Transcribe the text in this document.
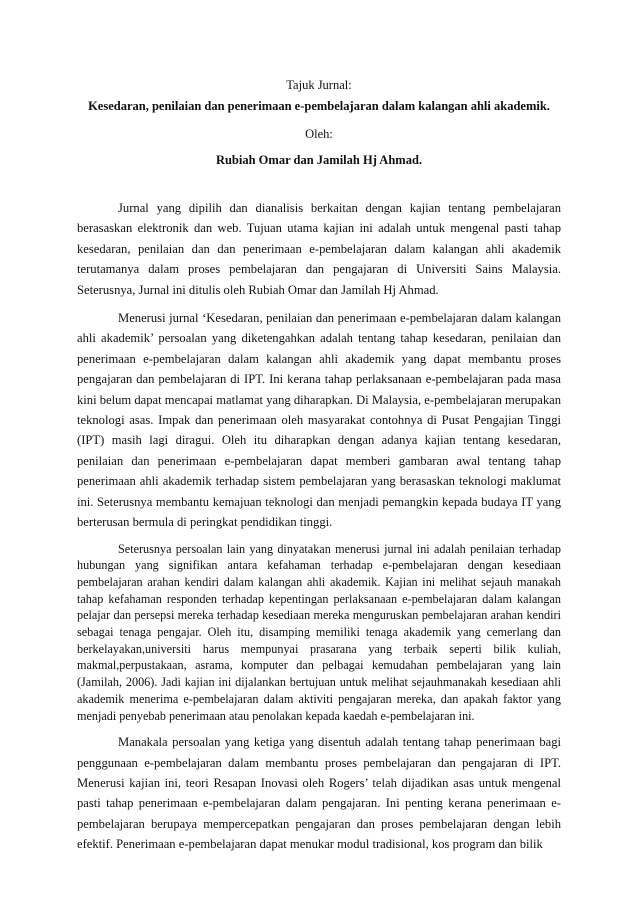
Tajuk Jurnal:
Kesedaran, penilaian dan penerimaan e-pembelajaran dalam kalangan ahli akademik.
Oleh:
Rubiah Omar dan Jamilah Hj Ahmad.

Jurnal yang dipilih dan dianalisis berkaitan dengan kajian tentang pembelajaran berasaskan elektronik dan web. Tujuan utama kajian ini adalah untuk mengenal pasti tahap kesedaran, penilaian dan dan penerimaan e-pembelajaran dalam kalangan ahli akademik terutamanya dalam proses pembelajaran dan pengajaran di Universiti Sains Malaysia. Seterusnya, Jurnal ini ditulis oleh Rubiah Omar dan Jamilah Hj Ahmad.

Menerusi jurnal ‘Kesedaran, penilaian dan penerimaan e-pembelajaran dalam kalangan ahli akademik’ persoalan yang diketengahkan adalah tentang tahap kesedaran, penilaian dan penerimaan e-pembelajaran dalam kalangan ahli akademik yang dapat membantu proses pengajaran dan pembelajaran di IPT. Ini kerana tahap perlaksanaan e-pembelajaran pada masa kini belum dapat mencapai matlamat yang diharapkan. Di Malaysia, e-pembelajaran merupakan teknologi asas. Impak dan penerimaan oleh masyarakat contohnya di Pusat Pengajian Tinggi (IPT) masih lagi diragui. Oleh itu diharapkan dengan adanya kajian tentang kesedaran, penilaian dan penerimaan e-pembelajaran dapat memberi gambaran awal tentang tahap penerimaan ahli akademik terhadap sistem pembelajaran yang berasaskan teknologi maklumat ini. Seterusnya membantu kemajuan teknologi dan menjadi pemangkin kepada budaya IT yang berterusan bermula di peringkat pendidikan tinggi.

Seterusnya persoalan lain yang dinyatakan menerusi jurnal ini adalah penilaian terhadap hubungan yang signifikan antara kefahaman terhadap e-pembelajaran dengan kesediaan pembelajaran arahan kendiri dalam kalangan ahli akademik. Kajian ini melihat sejauh manakah tahap kefahaman responden terhadap kepentingan perlaksanaan e-pembelajaran dalam kalangan pelajar dan persepsi mereka terhadap kesediaan mereka menguruskan pembelajaran arahan kendiri sebagai tenaga pengajar. Oleh itu, disamping memiliki tenaga akademik yang cemerlang dan berkelayakan,universiti harus mempunyai prasarana yang terbaik seperti bilik kuliah, makmal,perpustakaan, asrama, komputer dan pelbagai kemudahan pembelajaran yang lain (Jamilah, 2006). Jadi kajian ini dijalankan bertujuan untuk melihat sejauhmanakah kesediaan ahli akademik menerima e-pembelajaran dalam aktiviti pengajaran mereka, dan apakah faktor yang menjadi penyebab penerimaan atau penolakan kepada kaedah e-pembelajaran ini.

Manakala persoalan yang ketiga yang disentuh adalah tentang tahap penerimaan bagi penggunaan e-pembelajaran dalam membantu proses pembelajaran dan pengajaran di IPT. Menerusi kajian ini, teori Resapan Inovasi oleh Rogers’ telah dijadikan asas untuk mengenal pasti tahap penerimaan e-pembelajaran dalam pengajaran. Ini penting kerana penerimaan e-pembelajaran berupaya mempercepatkan pengajaran dan proses pembelajaran dengan lebih efektif. Penerimaan e-pembelajaran dapat menukar modul tradisional, kos program dan bilik
